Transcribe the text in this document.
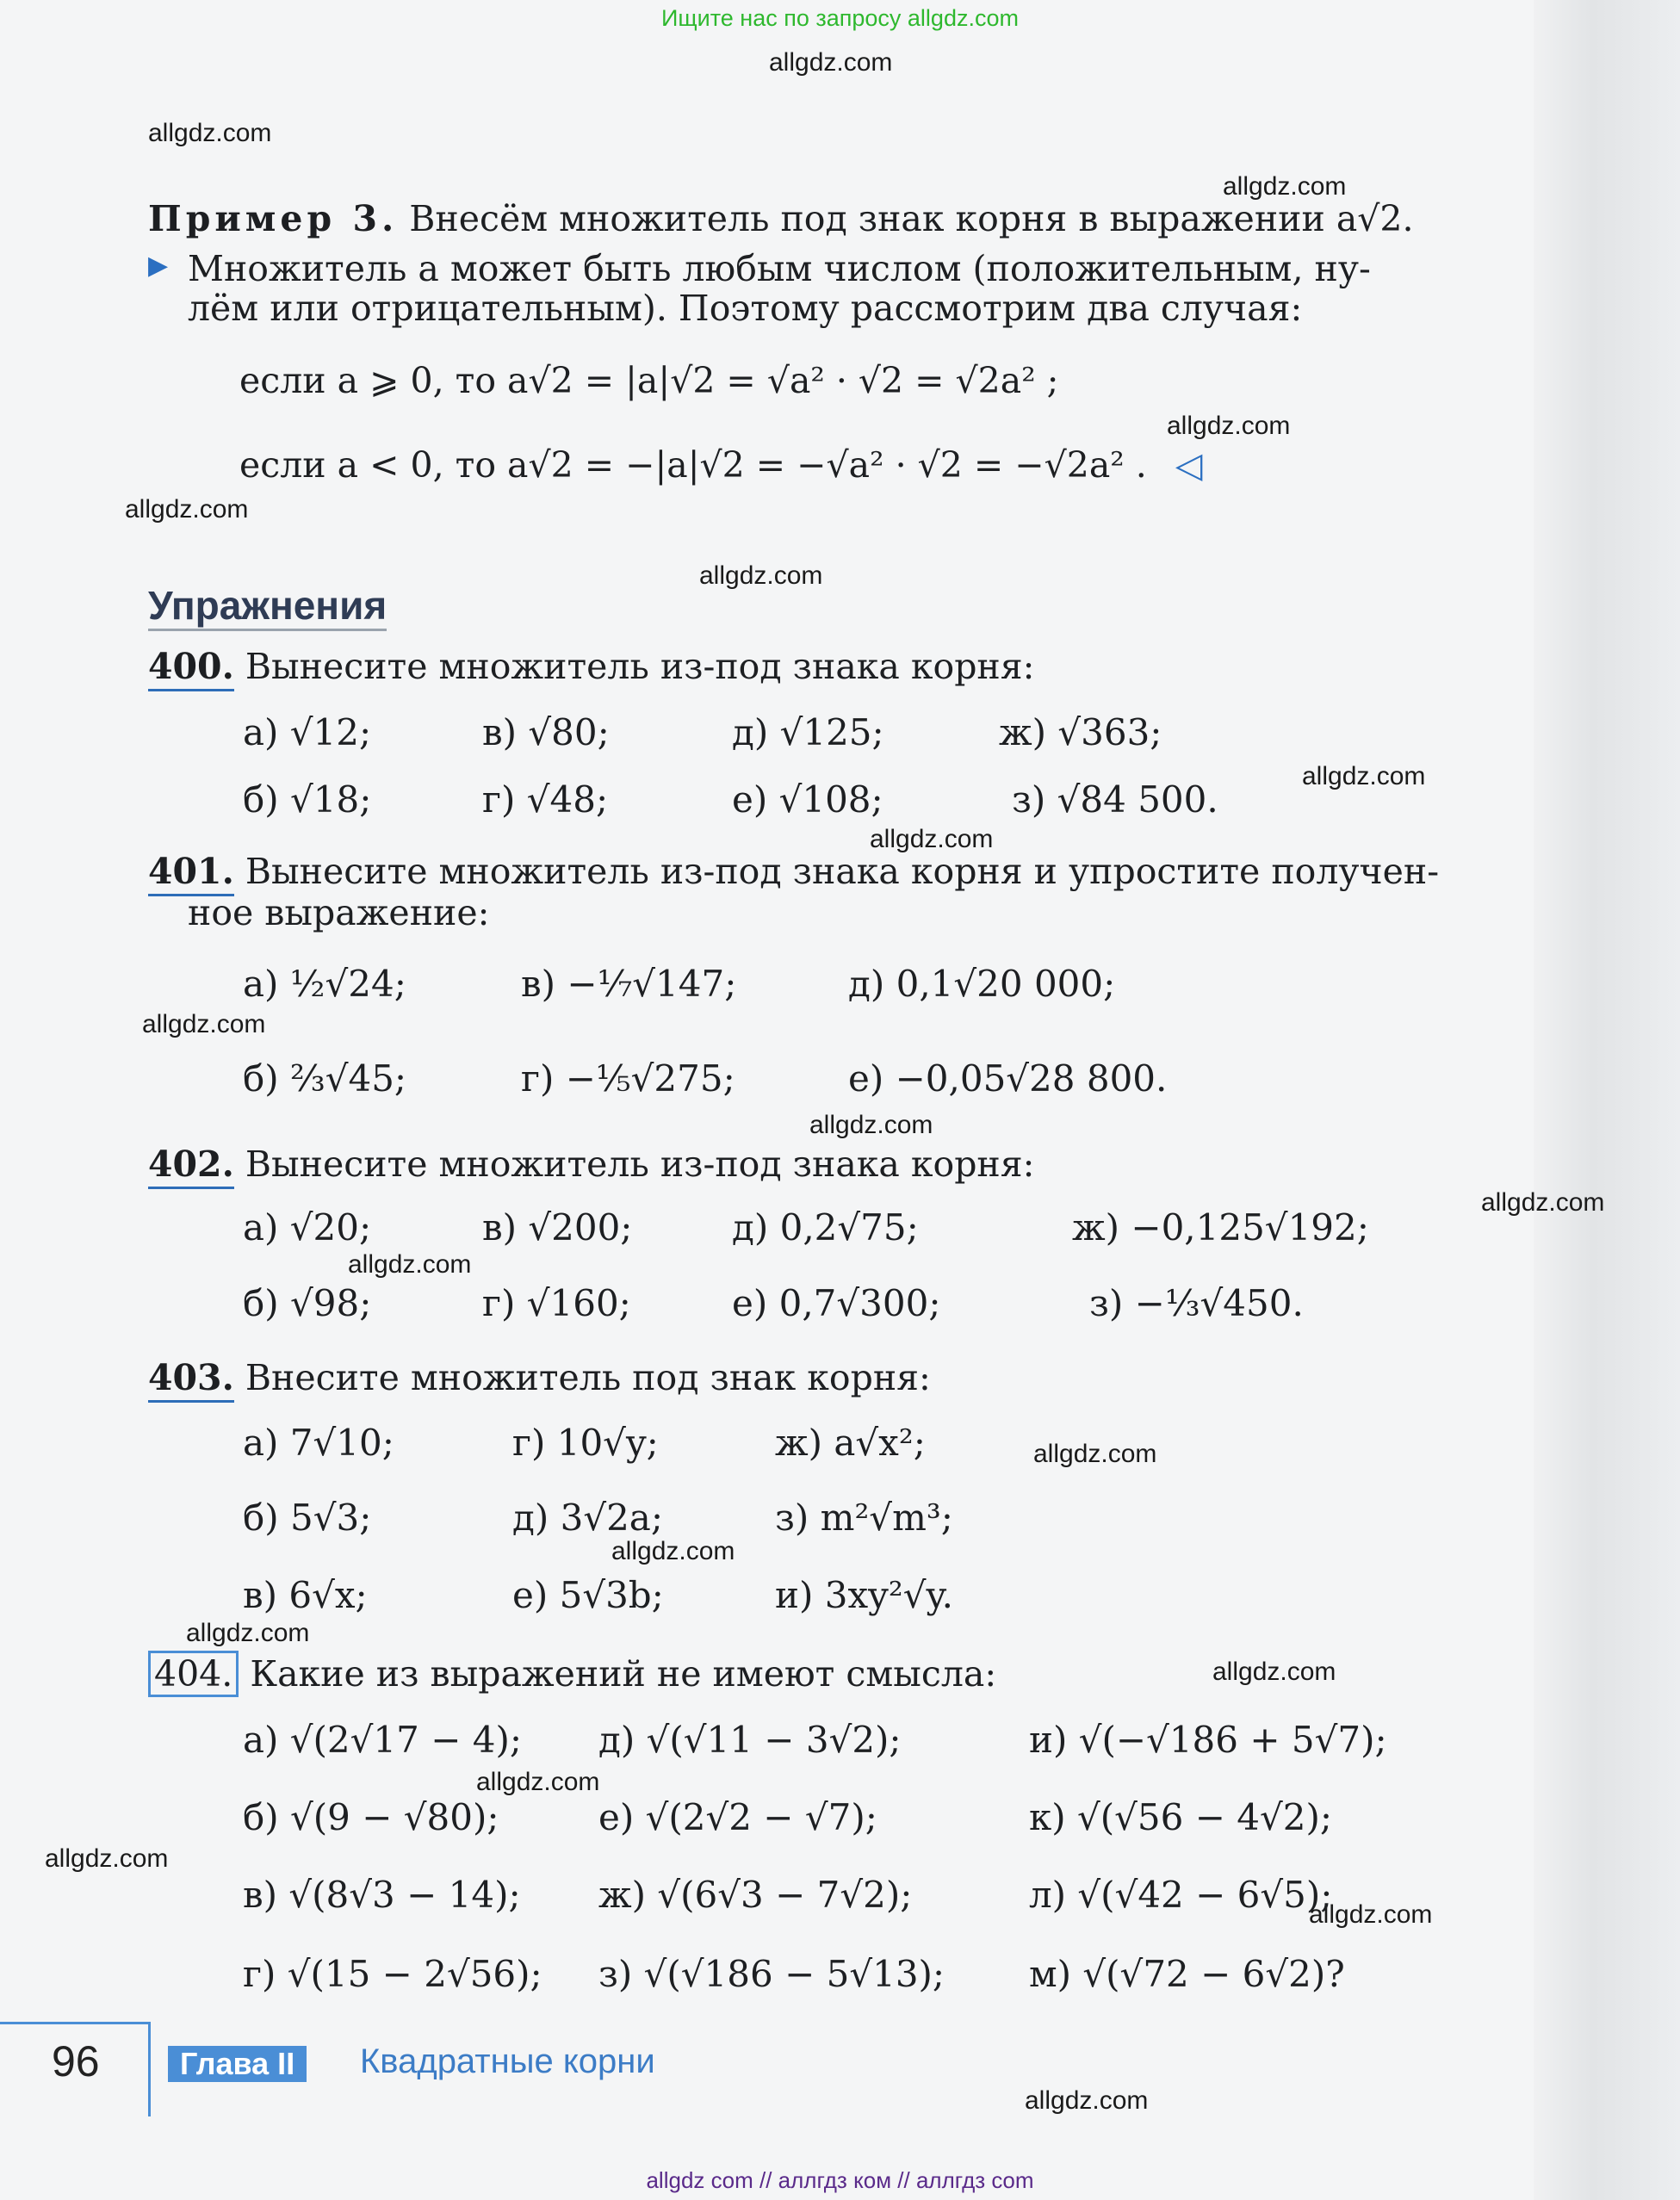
Ищите нас по запросу allgdz.com
allgdz.com
allgdz.com
allgdz.com
allgdz.com
allgdz.com
allgdz.com
allgdz.com
allgdz.com
allgdz.com
allgdz.com
allgdz.com
allgdz.com
allgdz.com
allgdz.com
allgdz.com
allgdz.com
allgdz.com
allgdz.com
allgdz.com
allgdz.com
Пример 3. Внесём множитель под знак корня в выражении a√2.
▶ Множитель a может быть любым числом (положительным, ну-
лём или отрицательным). Поэтому рассмотрим два случая:
если a ⩾ 0, то a√2 = |a|√2 = √a² · √2 = √2a² ;
если a < 0, то a√2 = −|a|√2 = −√a² · √2 = −√2a² . ◁
Упражнения
400. Вынесите множитель из-под знака корня:
а) √12;	в) √80;	д) √125;	ж) √363;
б) √18;	г) √48;	е) √108;	з) √84 500.
401. Вынесите множитель из-под знака корня и упростите получен-
ное выражение:
а) ½√24;	в) −⅐√147;	д) 0,1√20 000;
б) ⅔√45;	г) −⅕√275;	е) −0,05√28 800.
402. Вынесите множитель из-под знака корня:
а) √20;	в) √200;	д) 0,2√75;	ж) −0,125√192;
б) √98;	г) √160;	е) 0,7√300;	з) −⅓√450.
403. Внесите множитель под знак корня:
а) 7√10;	г) 10√y;	ж) a√x²;
б) 5√3;	д) 3√2a;	з) m²√m³;
в) 6√x;	е) 5√3b;	и) 3xy²√y.
404. Какие из выражений не имеют смысла:
а) √(2√17 − 4); д) √(√11 − 3√2);	и) √(−√186 + 5√7);
б) √(9 − √80);	е) √(2√2 − √7);	к) √(√56 − 4√2);
в) √(8√3 − 14); ж) √(6√3 − 7√2);	л) √(√42 − 6√5);
г) √(15 − 2√56); з) √(√186 − 5√13); м) √(√72 − 6√2)?
96	Глава II	Квадратные корни
allgdz com // аллгдз ком // аллгдз com
